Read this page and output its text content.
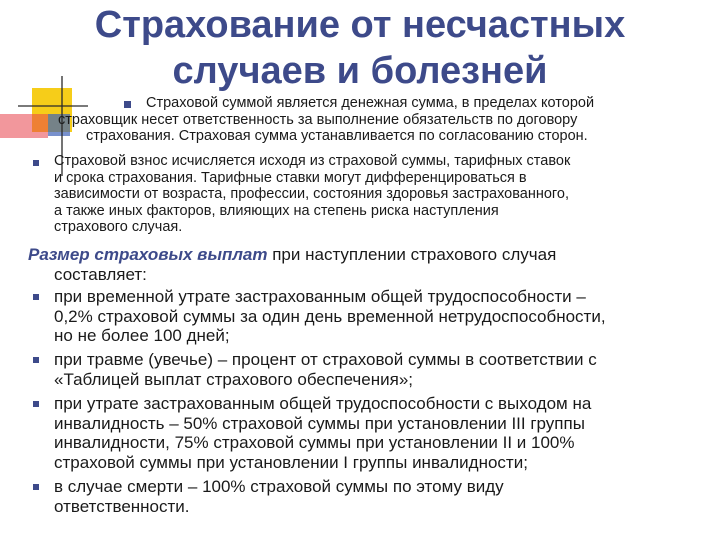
Страхование от несчастных
случаев и болезней
Страховой суммой является денежная сумма, в пределах которой
страховщик несет ответственность за выполнение обязательств по договору
страхования. Страховая сумма устанавливается по согласованию сторон.
Страховой взнос исчисляется исходя из страховой суммы, тарифных ставок
и срока страхования. Тарифные ставки могут дифференцироваться в
зависимости от возраста, профессии, состояния здоровья застрахованного,
а также иных факторов, влияющих на степень риска наступления
страхового случая.
Размер страховых выплат при наступлении страхового случая
составляет:
при временной утрате застрахованным общей трудоспособности –
0,2% страховой суммы за один день временной нетрудоспособности,
но не более 100 дней;
при травме (увечье) – процент от страховой суммы в соответствии с
«Таблицей выплат страхового обеспечения»;
при утрате застрахованным общей трудоспособности с выходом на
инвалидность – 50% страховой суммы при установлении III группы
инвалидности, 75% страховой суммы при установлении II и 100%
страховой суммы при установлении I группы инвалидности;
в случае смерти – 100% страховой суммы по этому виду
ответственности.
